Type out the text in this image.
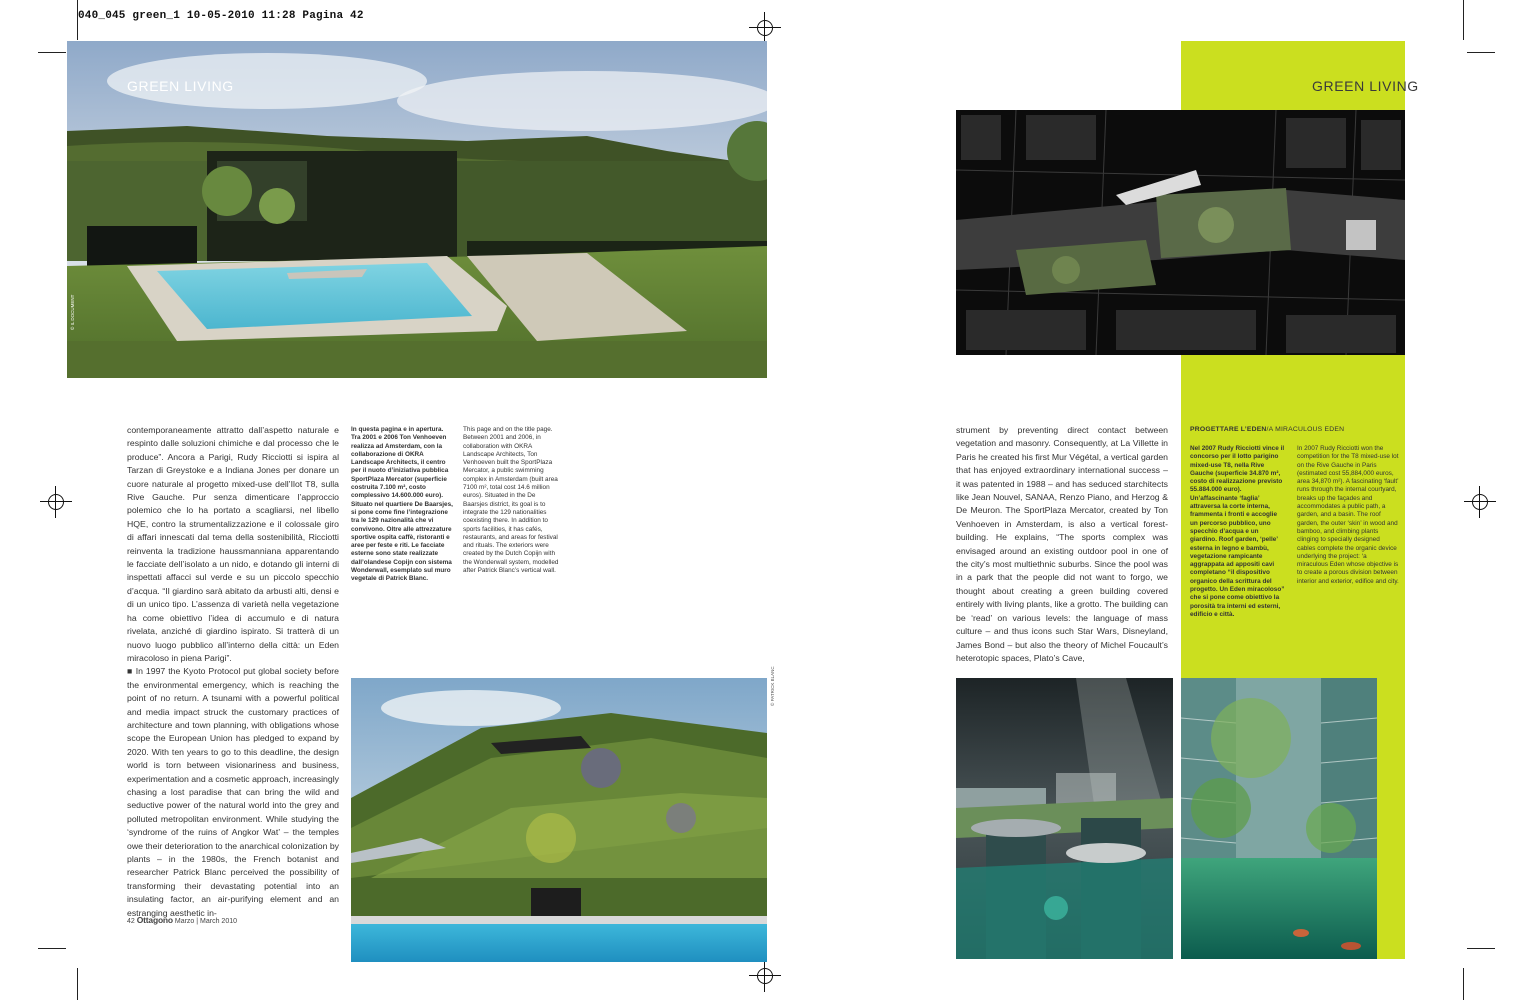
040_045 green_1 10-05-2010 11:28 Pagina 42
© IL DOCUMENT
GREEN LIVING

contemporaneamente attratto dall’aspetto naturale e respinto dalle soluzioni chimiche e dal processo che le produce”. Ancora a Parigi, Rudy Ricciotti si ispira al Tarzan di Greystoke e a Indiana Jones per donare un cuore naturale al progetto mixed-use dell’Ilot T8, sulla Rive Gauche. Pur senza dimenticare l’approccio polemico che lo ha portato a scagliarsi, nel libello HQE, contro la strumentalizzazione e il colossale giro di affari innescati dal tema della sostenibilità, Ricciotti reinventa la tradizione haussmanniana apparentando le facciate dell’isolato a un nido, e dotando gli interni di inspettati affacci sul verde e su un piccolo specchio d’acqua. “Il giardino sarà abitato da arbusti alti, densi e di un unico tipo. L’assenza di varietà nella vegetazione ha come obiettivo l’idea di accumulo e di natura rivelata, anziché di giardino ispirato. Si tratterà di un nuovo luogo pubblico all’interno della città: un Eden miracoloso in piena Parigi”.

■ In 1997 the Kyoto Protocol put global society before the environmental emergency, which is reaching the point of no return. A tsunami with a powerful political and media impact struck the customary practices of architecture and town planning, with obligations whose scope the European Union has pledged to expand by 2020. With ten years to go to this deadline, the design world is torn between visionariness and business, experimentation and a cosmetic approach, increasingly chasing a lost paradise that can bring the wild and seductive power of the natural world into the grey and polluted metropolitan environment. While studying the ‘syndrome of the ruins of Angkor Wat’ – the temples owe their deterioration to the anarchical colonization by plants – in the 1980s, the French botanist and researcher Patrick Blanc perceived the possibility of transforming their devastating potential into an insulating factor, an air-purifying element and an estranging aesthetic in-

In questa pagina e in apertura. Tra 2001 e 2006 Ton Venhoeven realizza ad Amsterdam, con la collaborazione di OKRA Landscape Architects, il centro per il nuoto d’iniziativa pubblica SportPlaza Mercator (superficie costruita 7.100 m², costo complessivo 14.600.000 euro). Situato nel quartiere De Baarsjes, si pone come fine l’integrazione tra le 129 nazionalità che vi convivono. Oltre alle attrezzature sportive ospita caffè, ristoranti e aree per feste e riti. Le facciate esterne sono state realizzate dall’olandese Copijn con sistema Wonderwall, esemplato sul muro vegetale di Patrick Blanc.
This page and on the title page. Between 2001 and 2006, in collaboration with OKRA Landscape Architects, Ton Venhoeven built the SportPlaza Mercator, a public swimming complex in Amsterdam (built area 7100 m², total cost 14.6 million euros). Situated in the De Baarsjes district, its goal is to integrate the 129 nationalities coexisting there. In addition to sports facilities, it has cafés, restaurants, and areas for festival and rituals. The exteriors were created by the Dutch Copijn with the Wonderwall system, modelled after Patrick Blanc’s vertical wall.
© PATRICK BLANC
42 Ottagono Marzo | March 2010
GREEN LIVING
strument by preventing direct contact between vegetation and masonry. Consequently, at La Villette in Paris he created his first Mur Végétal, a vertical garden that has enjoyed extraordinary international success – it was patented in 1988 – and has seduced starchitects like Jean Nouvel, SANAA, Renzo Piano, and Herzog & De Meuron. The SportPlaza Mercator, created by Ton Venhoeven in Amsterdam, is also a vertical forest-building. He explains, “The sports complex was envisaged around an existing outdoor pool in one of the city’s most multiethnic suburbs. Since the pool was in a park that the people did not want to forgo, we thought about creating a green building covered entirely with living plants, like a grotto. The building can be ‘read’ on various levels: the language of mass culture – and thus icons such Star Wars, Disneyland, James Bond – but also the theory of Michel Foucault’s heterotopic spaces, Plato’s Cave,
PROGETTARE L’EDEN/A MIRACULOUS EDEN
Nel 2007 Rudy Ricciotti vince il concorso per il lotto parigino mixed-use T8, nella Rive Gauche (superficie 34.870 m², costo di realizzazione previsto 55.884.000 euro). Un’affascinante ‘faglia’ attraversa la corte interna, frammenta i fronti e accoglie un percorso pubblico, uno specchio d’acqua e un giardino. Roof garden, ‘pelle’ esterna in legno e bambù, vegetazione rampicante aggrappata ad appositi cavi completano “il dispositivo organico della scrittura del progetto. Un Eden miracoloso” che si pone come obiettivo la porosità tra interni ed esterni, edificio e città.
In 2007 Rudy Ricciotti won the competition for the T8 mixed-use lot on the Rive Gauche in Paris (estimated cost 55,884,000 euros, area 34,870 m²). A fascinating ‘fault’ runs through the internal courtyard, breaks up the façades and accommodates a public path, a garden, and a basin. The roof garden, the outer ‘skin’ in wood and bamboo, and climbing plants clinging to specially designed cables complete the organic device underlying the project: ‘a miraculous Eden whose objective is to create a porous division between interior and exterior, edifice and city.
